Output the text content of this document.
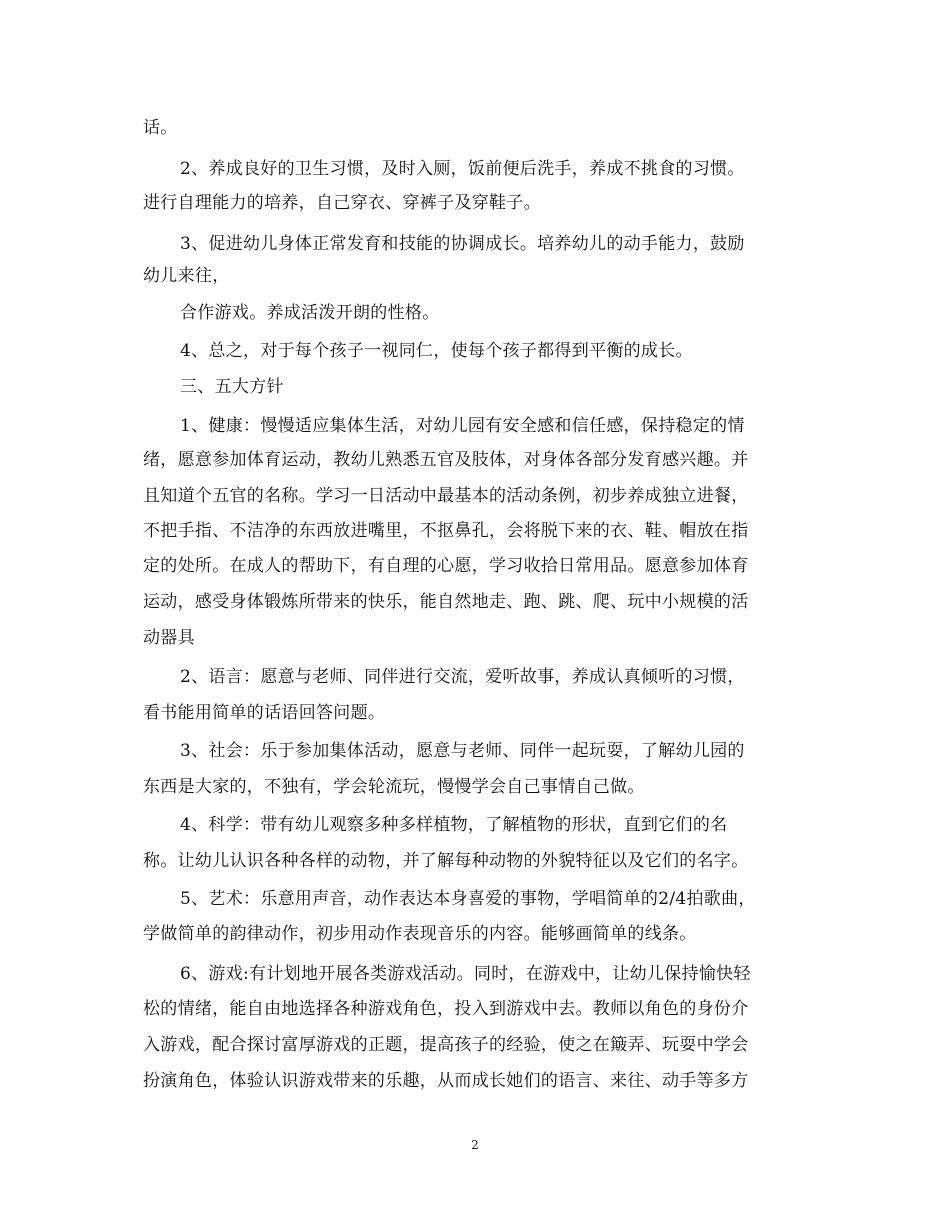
话。
2、养成良好的卫生习惯，及时入厕，饭前便后洗手，养成不挑食的习惯。
进行自理能力的培养，自己穿衣、穿裤子及穿鞋子。
3、促进幼儿身体正常发育和技能的协调成长。培养幼儿的动手能力，鼓励
幼儿来往，
合作游戏。养成活泼开朗的性格。
4、总之，对于每个孩子一视同仁，使每个孩子都得到平衡的成长。
三、五大方针
1、健康：慢慢适应集体生活，对幼儿园有安全感和信任感，保持稳定的情
绪，愿意参加体育运动，教幼儿熟悉五官及肢体，对身体各部分发育感兴趣。并
且知道个五官的名称。学习一日活动中最基本的活动条例，初步养成独立进餐，
不把手指、不洁净的东西放进嘴里，不抠鼻孔，会将脱下来的衣、鞋、帽放在指
定的处所。在成人的帮助下，有自理的心愿，学习收拾日常用品。愿意参加体育
运动，感受身体锻炼所带来的快乐，能自然地走、跑、跳、爬、玩中小规模的活
动器具
2、语言：愿意与老师、同伴进行交流，爱听故事，养成认真倾听的习惯，
看书能用简单的话语回答问题。
3、社会：乐于参加集体活动，愿意与老师、同伴一起玩耍，了解幼儿园的
东西是大家的，不独有，学会轮流玩，慢慢学会自己事情自己做。
4、科学：带有幼儿观察多种多样植物，了解植物的形状，直到它们的名
称。让幼儿认识各种各样的动物，并了解每种动物的外貌特征以及它们的名字。
5、艺术：乐意用声音，动作表达本身喜爱的事物，学唱简单的2/4拍歌曲，
学做简单的韵律动作，初步用动作表现音乐的内容。能够画简单的线条。
6、游戏:有计划地开展各类游戏活动。同时，在游戏中，让幼儿保持愉快轻
松的情绪，能自由地选择各种游戏角色，投入到游戏中去。教师以角色的身份介
入游戏，配合探讨富厚游戏的正题，提高孩子的经验，使之在簸弄、玩耍中学会
扮演角色，体验认识游戏带来的乐趣，从而成长她们的语言、来往、动手等多方
2
